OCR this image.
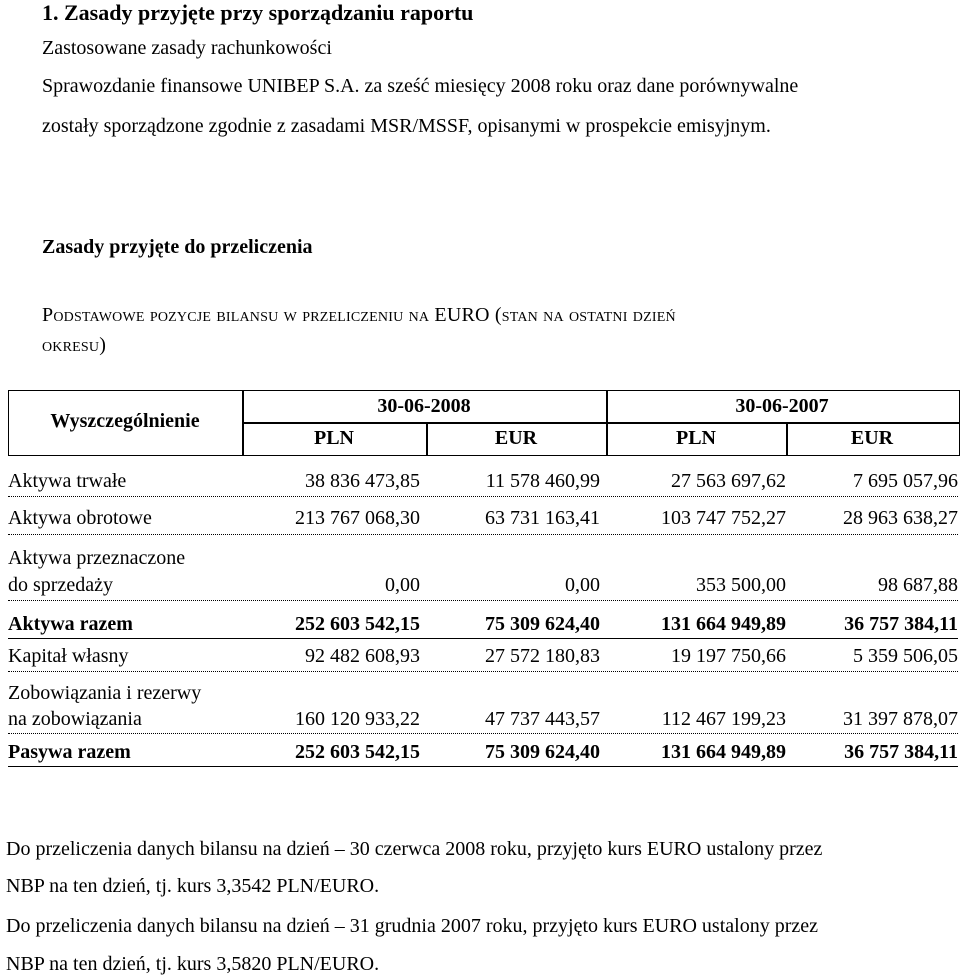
1. Zasady przyjęte przy sporządzaniu raportu
Zastosowane zasady rachunkowości
Sprawozdanie finansowe UNIBEP S.A. za sześć miesięcy 2008 roku oraz dane porównywalne
zostały sporządzone zgodnie z zasadami MSR/MSSF, opisanymi w prospekcie emisyjnym.
Zasady przyjęte do przeliczenia
Podstawowe pozycje bilansu w przeliczeniu na EURO (stan na ostatni dzień
okresu)
Wyszczególnienie
30-06-2008	30-06-2007
PLN	EUR	PLN	EUR
Aktywa trwałe	38 836 473,85	11 578 460,99	27 563 697,62	7 695 057,96
Aktywa obrotowe	213 767 068,30	63 731 163,41	103 747 752,27	28 963 638,27
Aktywa przeznaczone
do sprzedaży	0,00	0,00	353 500,00	98 687,88
Aktywa razem	252 603 542,15	75 309 624,40	131 664 949,89	36 757 384,11
Kapitał własny	92 482 608,93	27 572 180,83	19 197 750,66	5 359 506,05
Zobowiązania i rezerwy
na zobowiązania	160 120 933,22	47 737 443,57	112 467 199,23	31 397 878,07
Pasywa razem	252 603 542,15	75 309 624,40	131 664 949,89	36 757 384,11
Do przeliczenia danych bilansu na dzień – 30 czerwca 2008 roku, przyjęto kurs EURO ustalony przez
NBP na ten dzień, tj. kurs 3,3542 PLN/EURO.
Do przeliczenia danych bilansu na dzień – 31 grudnia 2007 roku, przyjęto kurs EURO ustalony przez
NBP na ten dzień, tj. kurs 3,5820 PLN/EURO.
